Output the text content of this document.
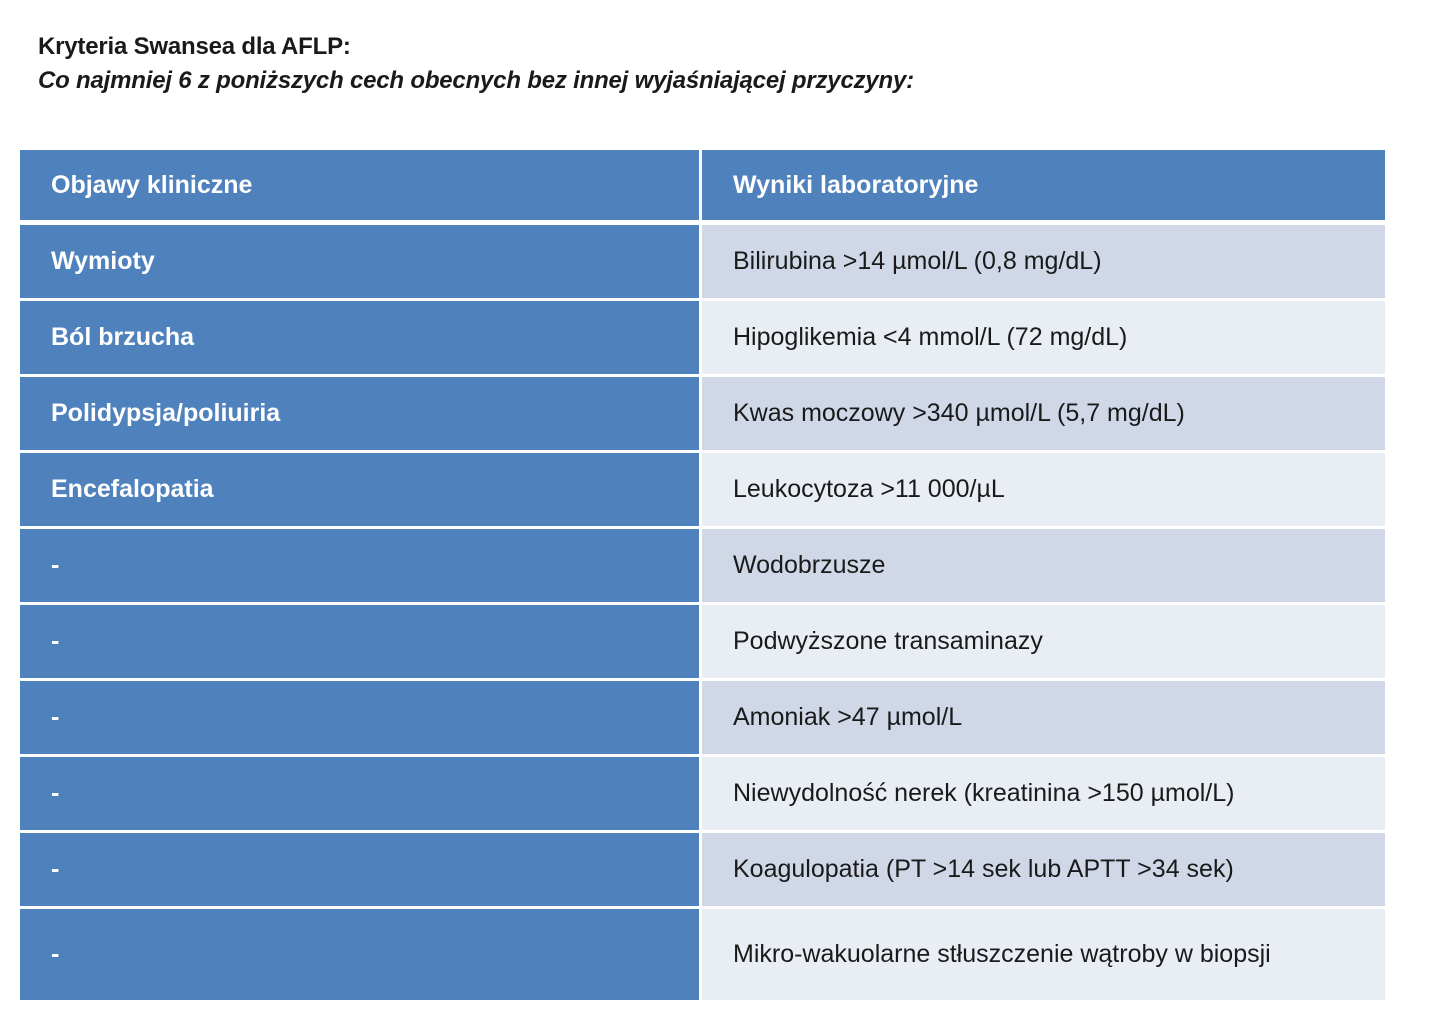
Kryteria Swansea dla AFLP:
Co najmniej 6 z poniższych cech obecnych bez innej wyjaśniającej przyczyny:
Objawy kliniczne	Wyniki laboratoryjne
Wymioty	Bilirubina >14 µmol/L (0,8 mg/dL)
Ból brzucha	Hipoglikemia <4 mmol/L (72 mg/dL)
Polidypsja/poliuiria	Kwas moczowy >340 µmol/L (5,7 mg/dL)
Encefalopatia	Leukocytoza >11 000/µL
-	Wodobrzusze
-	Podwyższone transaminazy
-	Amoniak >47 µmol/L
-	Niewydolność nerek (kreatinina >150 µmol/L)
-	Koagulopatia (PT >14 sek lub APTT >34 sek)
-	Mikro-wakuolarne stłuszczenie wątroby w biopsji
